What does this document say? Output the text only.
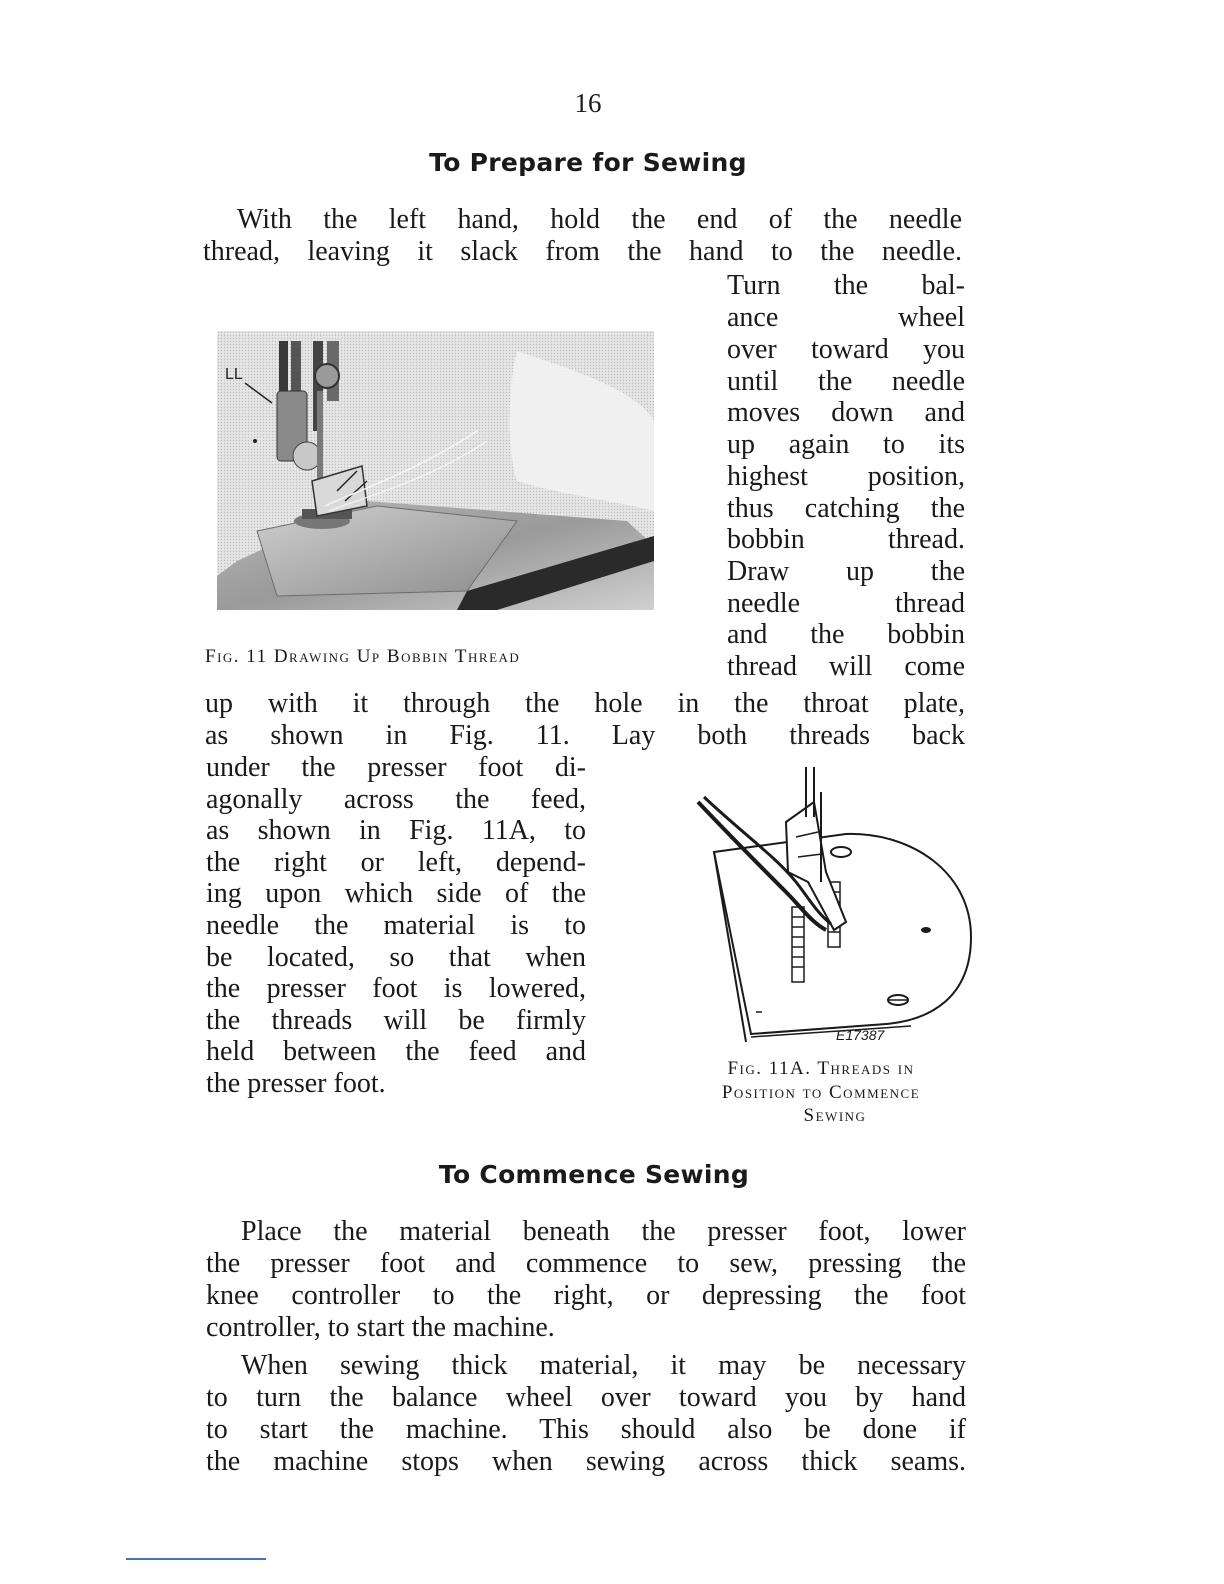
16
To Prepare for Sewing
With the left hand, hold the end of the needle
thread, leaving it slack from the hand to the needle.
Turn the bal-
ance wheel
over toward you
until the needle
moves down and
up again to its
highest position,
thus catching the
bobbin thread.
Draw up the
needle thread
and the bobbin
thread will come
LL
Fig. 11 Drawing Up Bobbin Thread
up with it through the hole in the throat plate,
as shown in Fig. 11. Lay both threads back
under the presser foot di-
agonally across the feed,
as shown in Fig. 11A, to
the right or left, depend-
ing upon which side of the
needle the material is to
be located, so that when
the presser foot is lowered,
the threads will be firmly
held between the feed and
the presser foot.
E17387
Fig. 11A. Threads in
Position to Commence
Sewing
To Commence Sewing
Place the material beneath the presser foot, lower
the presser foot and commence to sew, pressing the
knee controller to the right, or depressing the foot
controller, to start the machine.
When sewing thick material, it may be necessary
to turn the balance wheel over toward you by hand
to start the machine. This should also be done if
the machine stops when sewing across thick seams.
